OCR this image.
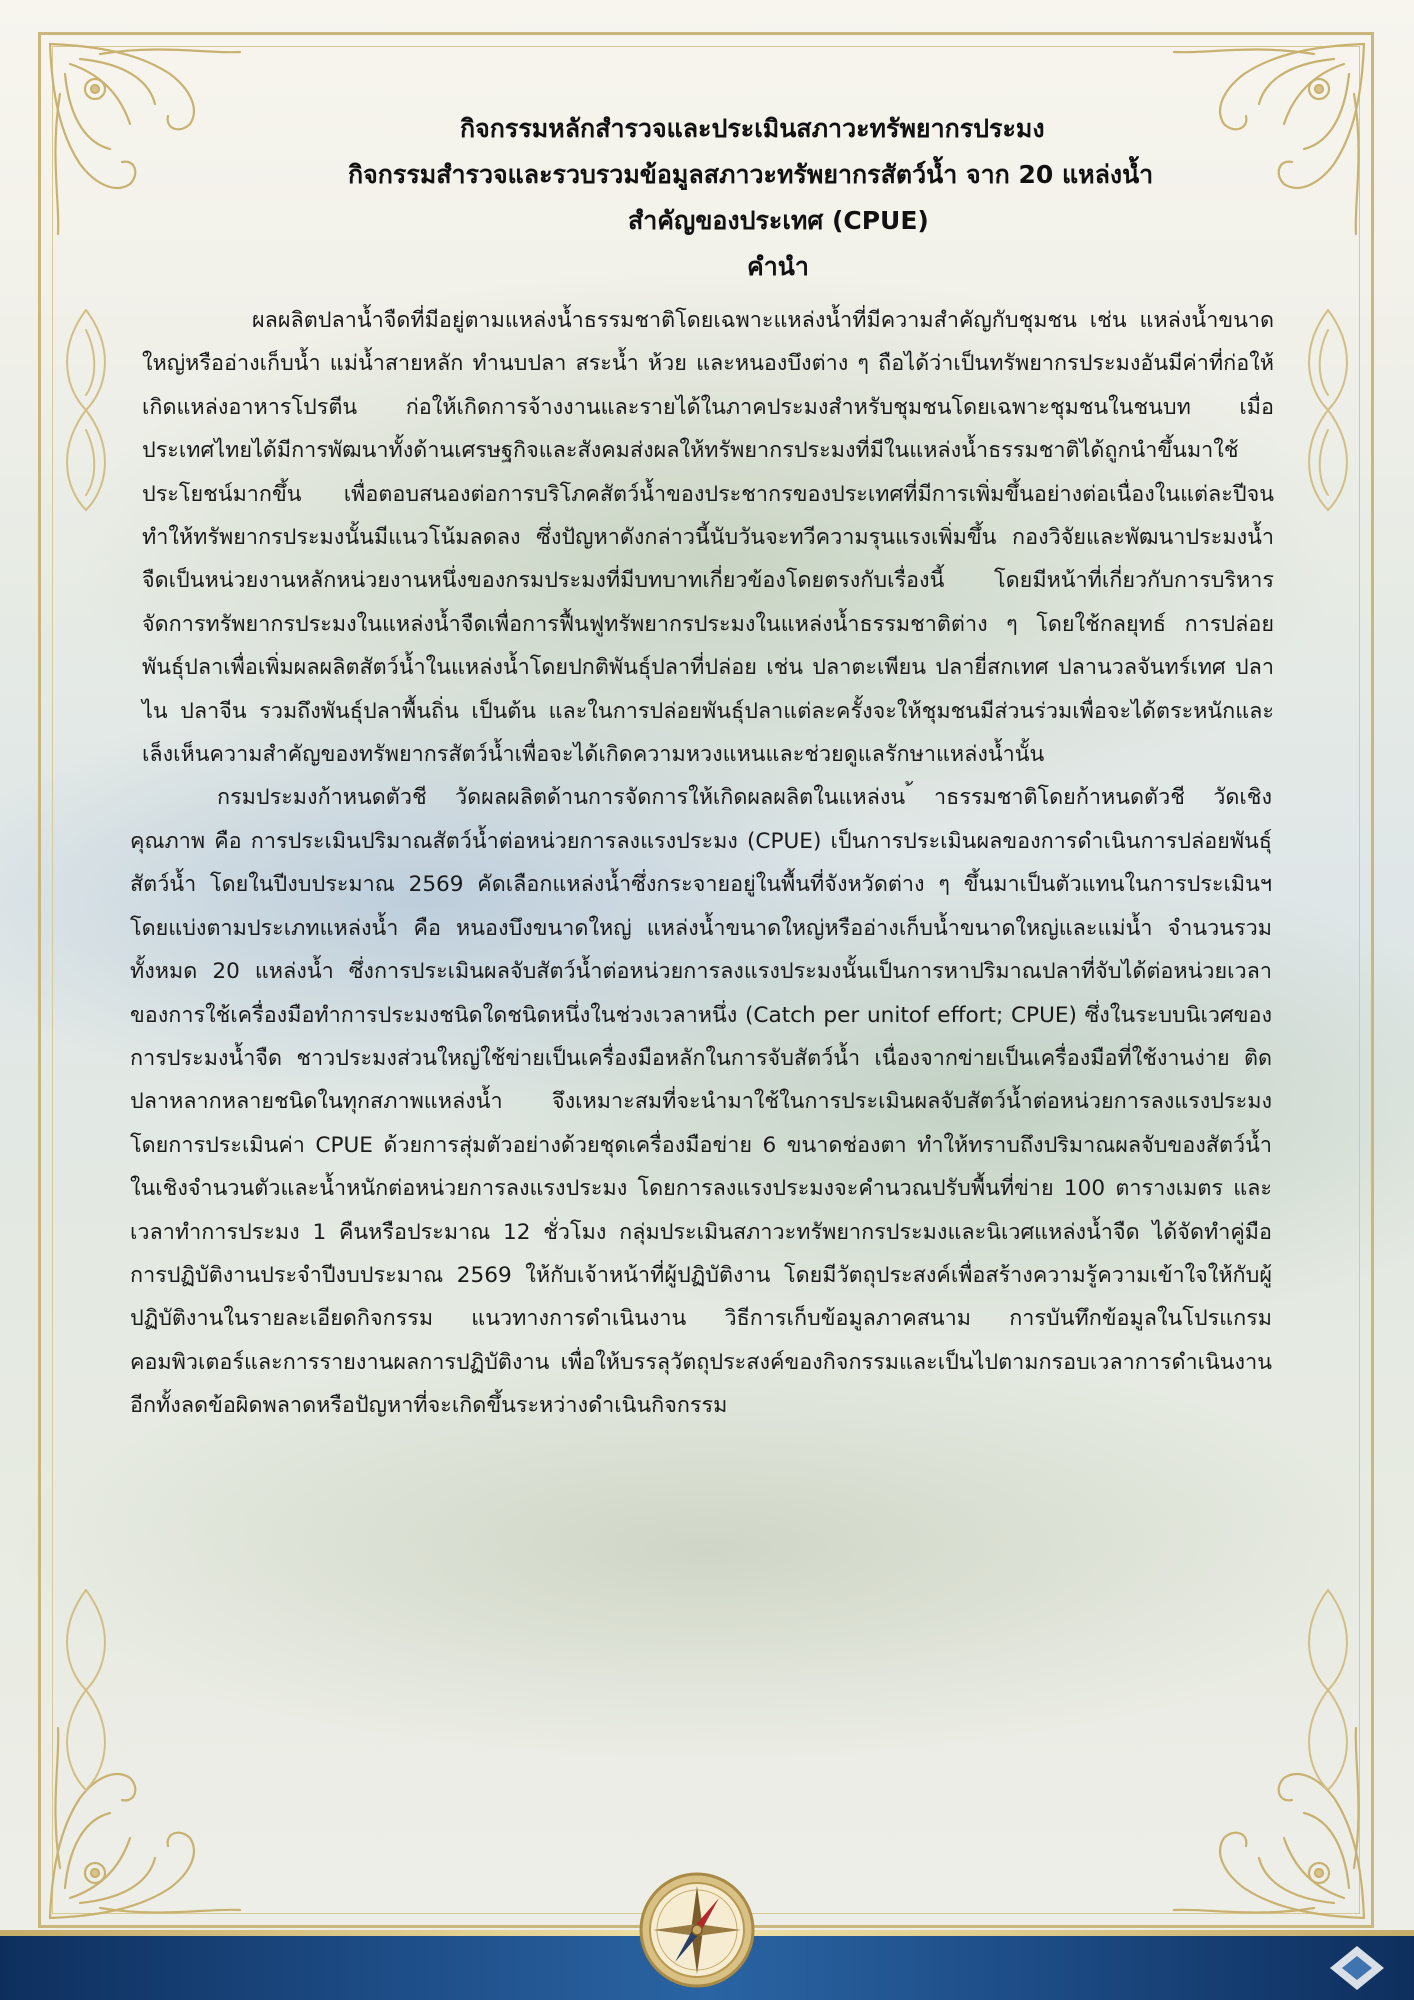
กิจกรรมหลักสำรวจและประเมินสภาวะทรัพยากรประมง
กิจกรรมสำรวจและรวบรวมข้อมูลสภาวะทรัพยากรสัตว์น้ำ จาก 20 แหล่งน้ำ
สำคัญของประเทศ (CPUE)
คำนำ

ผลผลิตปลาน้ำจืดที่มีอยู่ตามแหล่งน้ำธรรมชาติโดยเฉพาะแหล่งน้ำที่มีความสำคัญกับชุมชน เช่น แหล่งน้ำขนาดใหญ่หรืออ่างเก็บน้ำ แม่น้ำสายหลัก ทำนบปลา สระน้ำ ห้วย และหนองบึงต่าง ๆ ถือได้ว่าเป็นทรัพยากรประมงอันมีค่าที่ก่อให้เกิดแหล่งอาหารโปรตีน ก่อให้เกิดการจ้างงานและรายได้ในภาคประมงสำหรับชุมชนโดยเฉพาะชุมชนในชนบท เมื่อประเทศไทยได้มีการพัฒนาทั้งด้านเศรษฐกิจและสังคมส่งผลให้ทรัพยากรประมงที่มีในแหล่งน้ำธรรมชาติได้ถูกนำขึ้นมาใช้ประโยชน์มากขึ้น เพื่อตอบสนองต่อการบริโภคสัตว์น้ำของประชากรของประเทศที่มีการเพิ่มขึ้นอย่างต่อเนื่องในแต่ละปีจนทำให้ทรัพยากรประมงนั้นมีแนวโน้มลดลง ซึ่งปัญหาดังกล่าวนี้นับวันจะทวีความรุนแรงเพิ่มขึ้น กองวิจัยและพัฒนาประมงน้ำจืดเป็นหน่วยงานหลักหน่วยงานหนึ่งของกรมประมงที่มีบทบาทเกี่ยวข้องโดยตรงกับเรื่องนี้ โดยมีหน้าที่เกี่ยวกับการบริหารจัดการทรัพยากรประมงในแหล่งน้ำจืดเพื่อการฟื้นฟูทรัพยากรประมงในแหล่งน้ำธรรมชาติต่าง ๆ โดยใช้กลยุทธ์ การปล่อยพันธุ์ปลาเพื่อเพิ่มผลผลิตสัตว์น้ำในแหล่งน้ำโดยปกติพันธุ์ปลาที่ปล่อย เช่น ปลาตะเพียน ปลายี่สกเทศ ปลานวลจันทร์เทศ ปลาไน ปลาจีน รวมถึงพันธุ์ปลาพื้นถิ่น เป็นต้น และในการปล่อยพันธุ์ปลาแต่ละครั้งจะให้ชุมชนมีส่วนร่วมเพื่อจะได้ตระหนักและเล็งเห็นความสำคัญของทรัพยากรสัตว์น้ำเพื่อจะได้เกิดความหวงแหนและช่วยดูแลรักษาแหล่งน้ำนั้น

กรมประมงก้าหนดตัวชี วัดผลผลิตด้านการจัดการให้เกิดผลผลิตในแหล่งน ้าธรรมชาติโดยก้าหนดตัวชี วัดเชิงคุณภาพ คือ การประเมินปริมาณสัตว์น้ำต่อหน่วยการลงแรงประมง (CPUE) เป็นการประเมินผลของการดำเนินการปล่อยพันธุ์สัตว์น้ำ โดยในปีงบประมาณ 2569 คัดเลือกแหล่งน้ำซึ่งกระจายอยู่ในพื้นที่จังหวัดต่าง ๆ ขึ้นมาเป็นตัวแทนในการประเมินฯ โดยแบ่งตามประเภทแหล่งน้ำ คือ หนองบึงขนาดใหญ่ แหล่งน้ำขนาดใหญ่หรืออ่างเก็บน้ำขนาดใหญ่และแม่น้ำ จำนวนรวมทั้งหมด 20 แหล่งน้ำ ซึ่งการประเมินผลจับสัตว์น้ำต่อหน่วยการลงแรงประมงนั้นเป็นการหาปริมาณปลาที่จับได้ต่อหน่วยเวลาของการใช้เครื่องมือทำการประมงชนิดใดชนิดหนึ่งในช่วงเวลาหนึ่ง (Catch per unitof effort; CPUE) ซึ่งในระบบนิเวศของการประมงน้ำจืด ชาวประมงส่วนใหญ่ใช้ข่ายเป็นเครื่องมือหลักในการจับสัตว์น้ำ เนื่องจากข่ายเป็นเครื่องมือที่ใช้งานง่าย ติดปลาหลากหลายชนิดในทุกสภาพแหล่งน้ำ จึงเหมาะสมที่จะนำมาใช้ในการประเมินผลจับสัตว์น้ำต่อหน่วยการลงแรงประมง โดยการประเมินค่า CPUE ด้วยการสุ่มตัวอย่างด้วยชุดเครื่องมือข่าย 6 ขนาดช่องตา ทำให้ทราบถึงปริมาณผลจับของสัตว์น้ำในเชิงจำนวนตัวและน้ำหนักต่อหน่วยการลงแรงประมง โดยการลงแรงประมงจะคำนวณปรับพื้นที่ข่าย 100 ตารางเมตร และเวลาทำการประมง 1 คืนหรือประมาณ 12 ชั่วโมง กลุ่มประเมินสภาวะทรัพยากรประมงและนิเวศแหล่งน้ำจืด ได้จัดทำคู่มือการปฏิบัติงานประจำปีงบประมาณ 2569 ให้กับเจ้าหน้าที่ผู้ปฏิบัติงาน โดยมีวัตถุประสงค์เพื่อสร้างความรู้ความเข้าใจให้กับผู้ปฏิบัติงานในรายละเอียดกิจกรรม แนวทางการดำเนินงาน วิธีการเก็บข้อมูลภาคสนาม การบันทึกข้อมูลในโปรแกรมคอมพิวเตอร์และการรายงานผลการปฏิบัติงาน เพื่อให้บรรลุวัตถุประสงค์ของกิจกรรมและเป็นไปตามกรอบเวลาการดำเนินงานอีกทั้งลดข้อผิดพลาดหรือปัญหาที่จะเกิดขึ้นระหว่างดำเนินกิจกรรม
